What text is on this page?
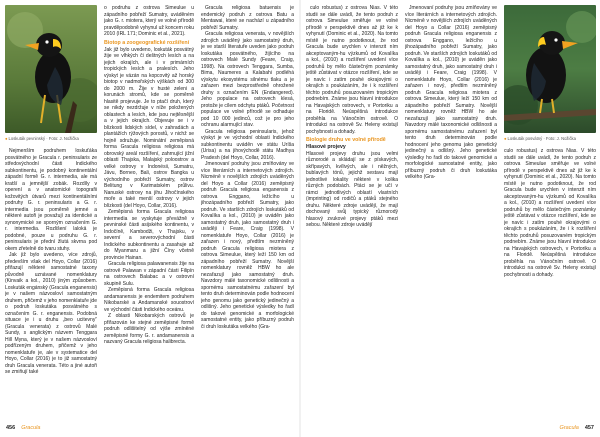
●Loskuták pevninský · Foto: J. Nožička

Nejmenším podruhem loskuťáka posvátného je Gracula r. peninsularis ze středovýchodní části Indického subkontinentu, je podobný kontinentální západní formě G. r. intermedia, ale má kratší a jemnější zobák. Rozdíly v operení a v anatomické topografii kožovitých útvarů mezi kontinentálními podruhy G. r. peninsularis a G. r. intermedia jsou poměrně jemné a některé autoři je považují za identické a synonymické se sporným označením G. r. intermedia. Rozlišení lalokä je podobné, pouze u podruhu G. r. peninsularis je přední žlutá skvrna pod okem zřetelně do tvaru stuhy.

Jak již bylo uvedeno, více zdrojů, především však del Hoyo, Collar (2016) přiřazují některé samostatné taxony původně uznávané nomenklatury (Kinvaik a kol., 2010) jiným způsobem. Loskuták engánský (Gracula enganensis) je v našem názvosloví samostatným druhem, přičemž v jeho nomenklatuře jde o podruh loskutáka posvátného s označením G. r. enganensis. Podobná situace je i u druhu „beo ucitevny“ (Gracula venerata) z ostrovů Malé Sundy, s anglickým názvem Tenggara Hill Myna, který je v našem názvosloví podřízeným druhem, přičemž v jeho nomenklatuře je, ale v systematice del Hoyo, Collar (2016) je to již samostatný druh Gracula venerata. Této a jiné autoři se zmiňují také

o podruhu z ostrova Simeulue u západního pobřeží Sumatry, uváděném jako G. r. miotera, který ve volné přírodě pravděpodobně vyhynul už koncem roku 2010 (IRL 171; Dominic et al., 2021).

Biotop a zoogeografické rozšíření

Jak již bylo uvedeno, loskuták posvátný žije ve vlhkých či deštných lesích a na jejich okrajích, ale i v primárních tropických lesích a pralesích. Jeho výskyt je vázán na kopcovitý až horský biotop v nadmořských výškách od 300 do 2000 m. Žije v husté zeleni a korunách stromů, kde se poměrně hlasitě projevuje. Je to ptačí druh, který se nikdy nezdržuje v níže položených oblastech a lesích, kde jsou nejtěsnější a v jejich okrajích. Objevuje se i v blízkosti lidských sídel, v zahradách a plantážích rýžových porostů, v nichž se hojně sdružuje. Nominátní zeměpisná forma Gracula religiosa religiosa má obrovský areál rozšíření, zahrnující jižní oblasti Thajska, Malajský poloostrov a velké ostrovy v Indonésii, Sumatru, Jávu, Borneo, Bali, ostrov Bangka u východního pobřeží Sumatry, ostrov Belitung v Karimatském průlivu. Nanuské ostrovy na jihu Jihočínského moře a také menší ostrovy v jejich blízkosti (del Hoyo, Collar, 2016).

Zeměpisná forma Gracula religiosa intermedia se vyskytuje převážně v pevninské části asijského kontinentu, v Indočíně, Kambodži, v Thajsku, v severní a severovýchodní části Indického subkontinentu a zasahuje až do Myanmaru a jižní Číny včetně provincie Hainan.

Gracula religiosa palawanensis žije na ostrově Palawan v západní části Filipín na ostrovech Balabac a v ostrovní skupině Sulu.

Zeměpisná forma Gracula religiosa andamanensis je endemitem podruhem Nikobarské a Andamanské souostroví ve východní části Indického oceánu.

Z oblasti Nikobarských ostrovů je přiřazován ke stejné zeměpisné formě podruh odlišitelný od výše zmíněné zeměpisné formy G. r. andamanensis a nazvaný Gracula religiosa halibrecta.

Gracula religiosa batuensis je endemický podruh z ostrova Batu a Mentawai, které se nachází u západního pobřeží Sumatry.

Gracula religiosa venerata, v novějších zdrojích uváděný jako samostatný druh, je ve starší literatuře uveden jako podruh loskutáka posvátného, žijícího na ostrovech Malé Sundy (Feare, Craig, 1998). Na ostrovech Tenggara, Sumba, Bima, Naumeres a Kalabahi podléhá výskytu ekosystému silnému tlaku a je zařazen mezi bezprostředně ohrožené druhy s označením EN (Endangered). Jeho populace na ostrovech klesá, protože je cílem odchytu ptáků. Početnost populace ve volné přírodě se odhaduje pod 10 000 jedinců, což je pro jeho ochranu alarmující stav.

Gracula religiosa peninsularis, jehož výskyt je ve východní oblasti Indického subkontinentu uváděn ve státu Uríša (Urisa) a na jihovýchodě státu Madhya Pradesh (del Hoyo, Collar, 2016).

Jmenovaní podruhy jsou zmíňovány ve více literárních a internetových zdrojích. Nicméně v novějších zdrojích uváděných del Hoyo a Collar (2016) zeměpisný podruh Gracula religiosa enganensis z ostrova Enggano, ležícího u jihozápadního pobřeží Sumatry, jako podruh. Ve starších zdrojích loskutáků od Kovalíka a kol., (2010) je uváděn jako samostatný druh, jako samostatný druh i uváději i Feare, Craig (1998). V nomenklatuře Hoyo, Collar (2016) je zařazen i nový, předtím nezmíněný podruh Gracula religiosa miotera z ostrova Simeulue, který leží 150 km od západního pobřeží Sumatry. Novější nomenklatury rovněž HBW ho ale nezařazují jako samostatný druh. Navzdory málé taxonomické odlišnosti a spornému samostatnému zařazení byl tento druh determinován podle hodnocení jeho genomu jako genetický jedinečný a odlišný. Jeho genetické výsledky ho řadí do takové genomické a morfologické samostatné entity, jako příbuzný podruh či druh loskutáka velkého (Gra-

456 Gracula
●Loskuták posvátný · Foto: J. Nožička

culo robustus) z ostrova Nias. V této studii se dále uvádí, že tento podruh z ostrova Simeulue směřuje ve volné přírodě v perspektivě dnes až již ke k vyhynutí (Dominic et al., 2020). Na tomto místě je nutno podotknout, že rod Gracula bude urychlen v intenzit ním akceptovaným-hu výzkumů od Kovalíka a kol., (2010) a rozšíření uvedení více podruhů by mělo částečným poznámky ještě zůstávat v otázce rozšíření, kde se je navíc i zatím pouhé okrajovými o okrajích s poukázáním, že i k rozšíření těchto podruhů posuzovaném tropickým podnebím. Známe jsou hlavní introdukce na Havajských ostrovech, v Portoriku a na Floridě. Neúspěšná introdukce proběhla na Vánočním ostrově. O introdukci na ostrově Sv. Heleny existují pochybnosti a dohady.

Biologie druhu ve volné přírodě
Hlasové projevy

Hlasové projevy druhu jsou velmi různorodé a skládají se z pískavých, skřípavých, kvílivých, ale i něžných, bublavých tónů, jejichž sestavu mají jednotlivé lokality některé v kolika různých podobách. Ptáci se je učí v rámci jednotlivých oblastí vlastních (imprinting) od rodičů a ptáků stejného druhu. Některé zdroje uvádějí, že mají dochovaný svůj typický různorodý hlasový zvukové projevy ptáků mezi sebou. Některé zdroje uvádějí

Jmenovaní podruhy jsou zmíňovány ve více literárních a internetových zdrojích. Nicméně v novějších zdrojích uváděných del Hoyo a Collar (2016) zeměpisný podruh Gracula religiosa enganensis z ostrova Enggano, ležícího u jihozápadního pobřeží Sumatry, jako podruh. Ve starších zdrojích loskutáků od Kovalíka a kol., (2010) je uváděn jako samostatný druh, jako samostatný druh i uváději i Feare, Craig (1998). V nomenklatuře Hoyo, Collar (2016) je zařazen i nový, předtím nezmíněný podruh Gracula religiosa miotera z ostrova Simeulue, který leží 150 km od západního pobřeží Sumatry. Novější nomenklatury rovněž HBW ho ale nezařazují jako samostatný druh. Navzdory málé taxonomické odlišnosti a spornému samostatnému zařazení byl tento druh determinován podle hodnocení jeho genomu jako genetický jedinečný a odlišný. Jeho genetické výsledky ho řadí do takové genomické a morfologické samostatné entity, jako příbuzný podruh či druh loskutáka velkého (Gra-

culo robustus) z ostrova Nias. V této studii se dále uvádí, že tento podruh z ostrova Simeulue směřuje ve volné přírodě v perspektivě dnes až již ke k vyhynutí (Dominic et al., 2020). Na tomto místě je nutno podotknout, že rod Gracula bude urychlen v intenzit ním akceptovaným-hu výzkumů od Kovalíka a kol., (2010) a rozšíření uvedení více podruhů by mělo částečným poznámky ještě zůstávat v otázce rozšíření, kde se je navíc i zatím pouhé okrajovými o okrajích s poukázáním, že i k rozšíření těchto podruhů posuzovaném tropickým podnebím. Známe jsou hlavní introdukce na Havajských ostrovech, v Portoriku a na Floridě. Neúspěšná introdukce proběhla na Vánočním ostrově. O introdukci na ostrově Sv. Heleny existují pochybnosti a dohady.

Gracula 457
